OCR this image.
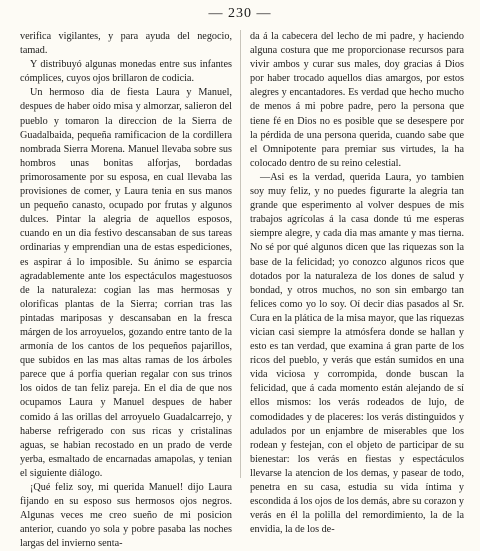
— 230 —

verifica vigilantes, y para ayuda del negocio, tamad.

Y distribuyó algunas monedas entre sus infantes cómplices, cuyos ojos brillaron de codicia.

Un hermoso dia de fiesta Laura y Manuel, despues de haber oido misa y almorzar, salieron del pueblo y tomaron la direccion de la Sierra de Guadalbaida, pequeña ramificacion de la cordillera nombrada Sierra Morena. Manuel llevaba sobre sus hombros unas bonitas alforjas, bordadas primorosamente por su esposa, en cual llevaba las provisiones de comer, y Laura tenia en sus manos un pequeño canasto, ocupado por frutas y algunos dulces. Pintar la alegria de aquellos esposos, cuando en un dia festivo descansaban de sus tareas ordinarias y emprendian una de estas espediciones, es aspirar á lo imposible. Su ánimo se esparcia agradablemente ante los espectáculos magestuosos de la naturaleza: cogian las mas hermosas y olorificas plantas de la Sierra; corrian tras las pintadas mariposas y descansaban en la fresca márgen de los arroyuelos, gozando entre tanto de la armonía de los cantos de los pequeños pajarillos, que subidos en las mas altas ramas de los árboles parece que á porfia querian regalar con sus trinos los oidos de tan feliz pareja. En el dia de que nos ocupamos Laura y Manuel despues de haber comido á las orillas del arroyuelo Guadalcarrejo, y haberse refrigerado con sus ricas y cristalinas aguas, se habian recostado en un prado de verde yerba, esmaltado de encarnadas amapolas, y tenian el siguiente diálogo.

¡Qué feliz soy, mi querida Manuel! dijo Laura fijando en su esposo sus hermosos ojos negros. Algunas veces me creo sueño de mi posicion anterior, cuando yo sola y pobre pasaba las noches largas del invierno senta-

da á la cabecera del lecho de mi padre, y haciendo alguna costura que me proporcionase recursos para vivir ambos y curar sus males, doy gracias á Dios por haber trocado aquellos dias amargos, por estos alegres y encantadores. Es verdad que hecho mucho de menos á mi pobre padre, pero la persona que tiene fé en Dios no es posible que se desespere por la pérdida de una persona querida, cuando sabe que el Omnipotente para premiar sus virtudes, la ha colocado dentro de su reino celestial.

—Asi es la verdad, querida Laura, yo tambien soy muy feliz, y no puedes figurarte la alegria tan grande que esperimento al volver despues de mis trabajos agrícolas á la casa donde tú me esperas siempre alegre, y cada dia mas amante y mas tierna. No sé por qué algunos dicen que las riquezas son la base de la felicidad; yo conozco algunos ricos que dotados por la naturaleza de los dones de salud y bondad, y otros muchos, no son sin embargo tan felices como yo lo soy. Oí decir dias pasados al Sr. Cura en la plática de la misa mayor, que las riquezas vician casi siempre la atmósfera donde se hallan y esto es tan verdad, que examina á gran parte de los ricos del pueblo, y verás que están sumidos en una vida viciosa y corrompida, donde buscan la felicidad, que á cada momento están alejando de sí ellos mismos: los verás rodeados de lujo, de comodidades y de placeres: los verás distinguidos y adulados por un enjambre de miserables que los rodean y festejan, con el objeto de participar de su bienestar: los verás en fiestas y espectáculos llevarse la atencion de los demas, y pasear de todo, penetra en su casa, estudia su vida íntima y escondida á los ojos de los demás, abre su corazon y verás en él la polilla del remordimiento, la de la envidia, la de los de-
